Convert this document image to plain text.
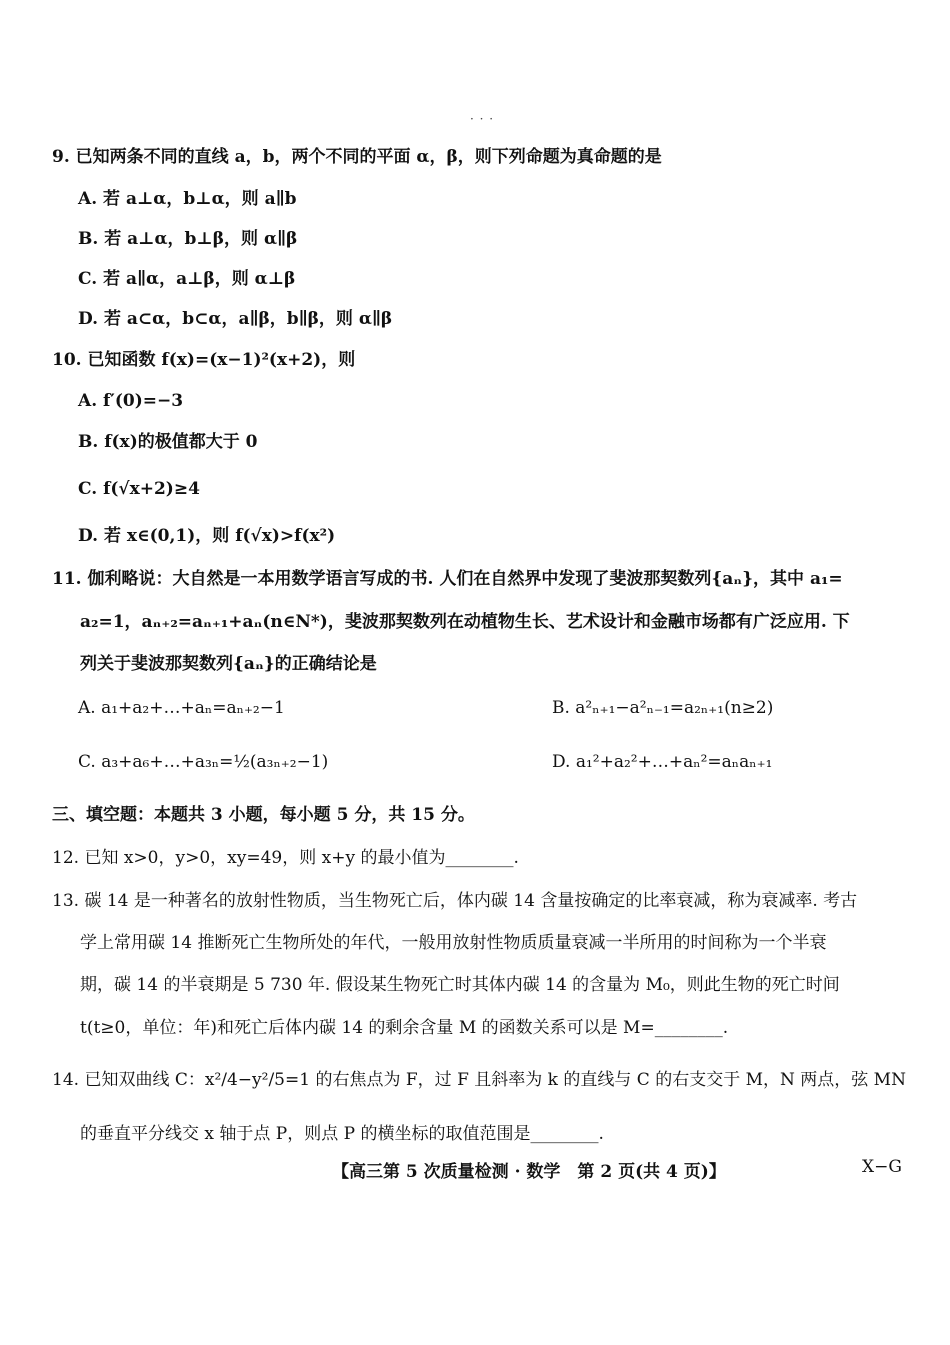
· · ·
9. 已知两条不同的直线 a，b，两个不同的平面 α，β，则下列命题为真命题的是
A. 若 a⊥α，b⊥α，则 a∥b
B. 若 a⊥α，b⊥β，则 α∥β
C. 若 a∥α，a⊥β，则 α⊥β
D. 若 a⊂α，b⊂α，a∥β，b∥β，则 α∥β
10. 已知函数 f(x)=(x−1)²(x+2)，则
A. f′(0)=−3
B. f(x)的极值都大于 0
C. f(√x+2)≥4
D. 若 x∈(0,1)，则 f(√x)>f(x²)
11. 伽利略说：大自然是一本用数学语言写成的书. 人们在自然界中发现了斐波那契数列{aₙ}，其中 a₁=
a₂=1，aₙ₊₂=aₙ₊₁+aₙ(n∈N*)，斐波那契数列在动植物生长、艺术设计和金融市场都有广泛应用. 下
列关于斐波那契数列{aₙ}的正确结论是
A. a₁+a₂+…+aₙ=aₙ₊₂−1	B. a²ₙ₊₁−a²ₙ₋₁=a₂ₙ₊₁(n≥2)
C. a₃+a₆+…+a₃ₙ=½(a₃ₙ₊₂−1)	D. a₁²+a₂²+…+aₙ²=aₙaₙ₊₁
三、填空题：本题共 3 小题，每小题 5 分，共 15 分。
12. 已知 x>0，y>0，xy=49，则 x+y 的最小值为________.
13. 碳 14 是一种著名的放射性物质，当生物死亡后，体内碳 14 含量按确定的比率衰减，称为衰减率. 考古
学上常用碳 14 推断死亡生物所处的年代，一般用放射性物质质量衰减一半所用的时间称为一个半衰
期，碳 14 的半衰期是 5 730 年. 假设某生物死亡时其体内碳 14 的含量为 M₀，则此生物的死亡时间
t(t≥0，单位：年)和死亡后体内碳 14 的剩余含量 M 的函数关系可以是 M=________.
14. 已知双曲线 C：x²/4−y²/5=1 的右焦点为 F，过 F 且斜率为 k 的直线与 C 的右支交于 M，N 两点，弦 MN
的垂直平分线交 x 轴于点 P，则点 P 的横坐标的取值范围是________.
【高三第 5 次质量检测 · 数学　第 2 页(共 4 页)】	X−G
